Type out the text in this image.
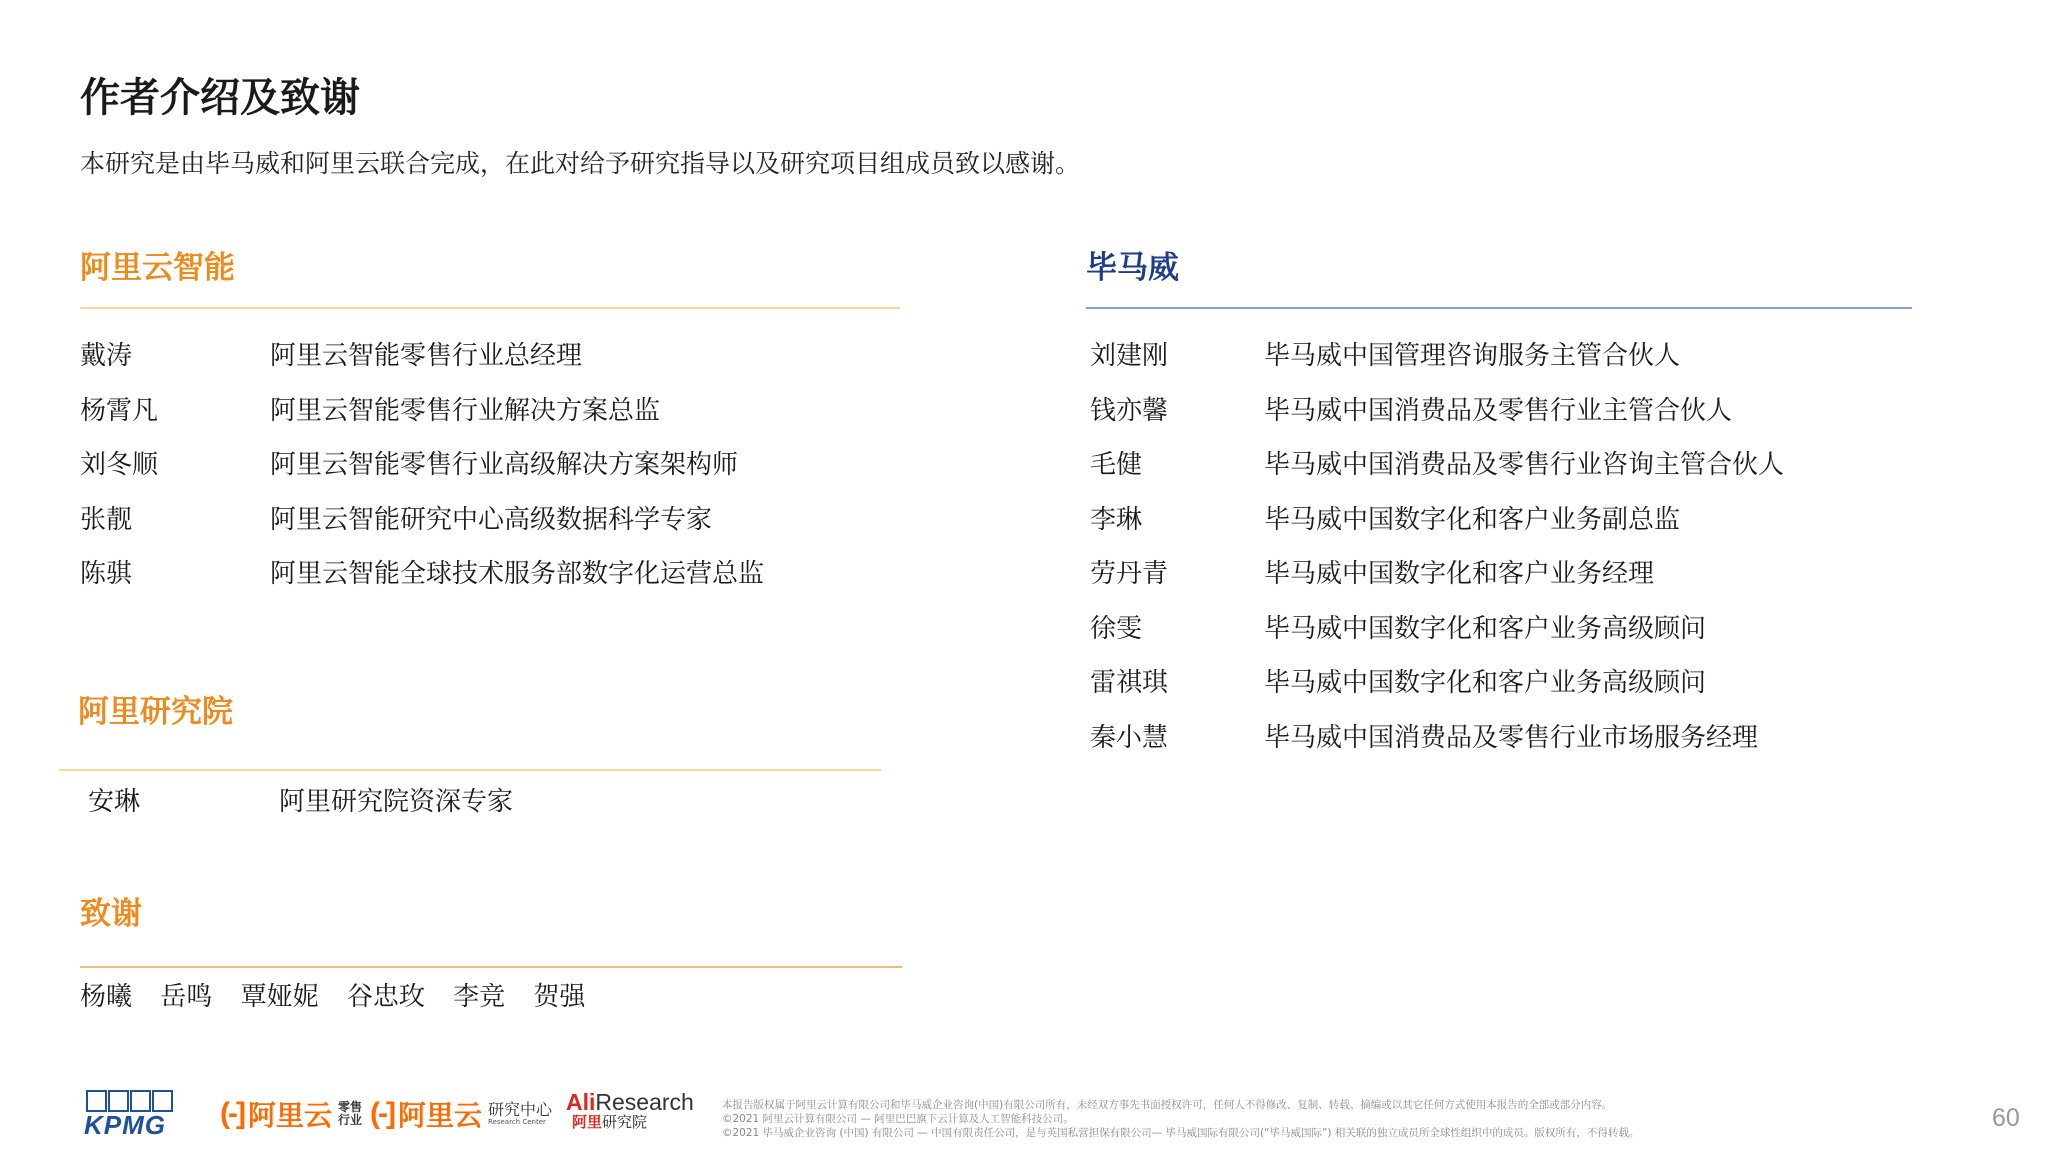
作者介绍及致谢

本研究是由毕马威和阿里云联合完成，在此对给予研究指导以及研究项目组成员致以感谢。

阿里云智能
戴涛	阿里云智能零售行业总经理
杨霄凡	阿里云智能零售行业解决方案总监
刘冬顺	阿里云智能零售行业高级解决方案架构师
张靓	阿里云智能研究中心高级数据科学专家
陈骐	阿里云智能全球技术服务部数字化运营总监
毕马威
刘建刚	毕马威中国管理咨询服务主管合伙人
钱亦馨	毕马威中国消费品及零售行业主管合伙人
毛健	毕马威中国消费品及零售行业咨询主管合伙人
李琳	毕马威中国数字化和客户业务副总监
劳丹青	毕马威中国数字化和客户业务经理
徐雯	毕马威中国数字化和客户业务高级顾问
雷祺琪	毕马威中国数字化和客户业务高级顾问
秦小慧	毕马威中国消费品及零售行业市场服务经理
阿里研究院
安琳	阿里研究院资深专家
致谢
杨曦 岳鸣 覃娅妮 谷忠玫 李竞 贺强
KPMG (-] 阿里云 零售
行业 (-] 阿里云 研究中心
Research Center
AliResearch
阿里研究院
本报告版权属于阿里云计算有限公司和毕马威企业咨询(中国)有限公司所有，未经双方事先书面授权许可，任何人不得修改、复制、转载、摘编或以其它任何方式使用本报告的全部或部分内容。
©2021 阿里云计算有限公司 — 阿里巴巴旗下云计算及人工智能科技公司。
©2021 毕马威企业咨询 (中国) 有限公司 — 中国有限责任公司，是与英国私营担保有限公司— 毕马威国际有限公司(“毕马威国际”) 相关联的独立成员所全球性组织中的成员。版权所有，不得转载。
60
